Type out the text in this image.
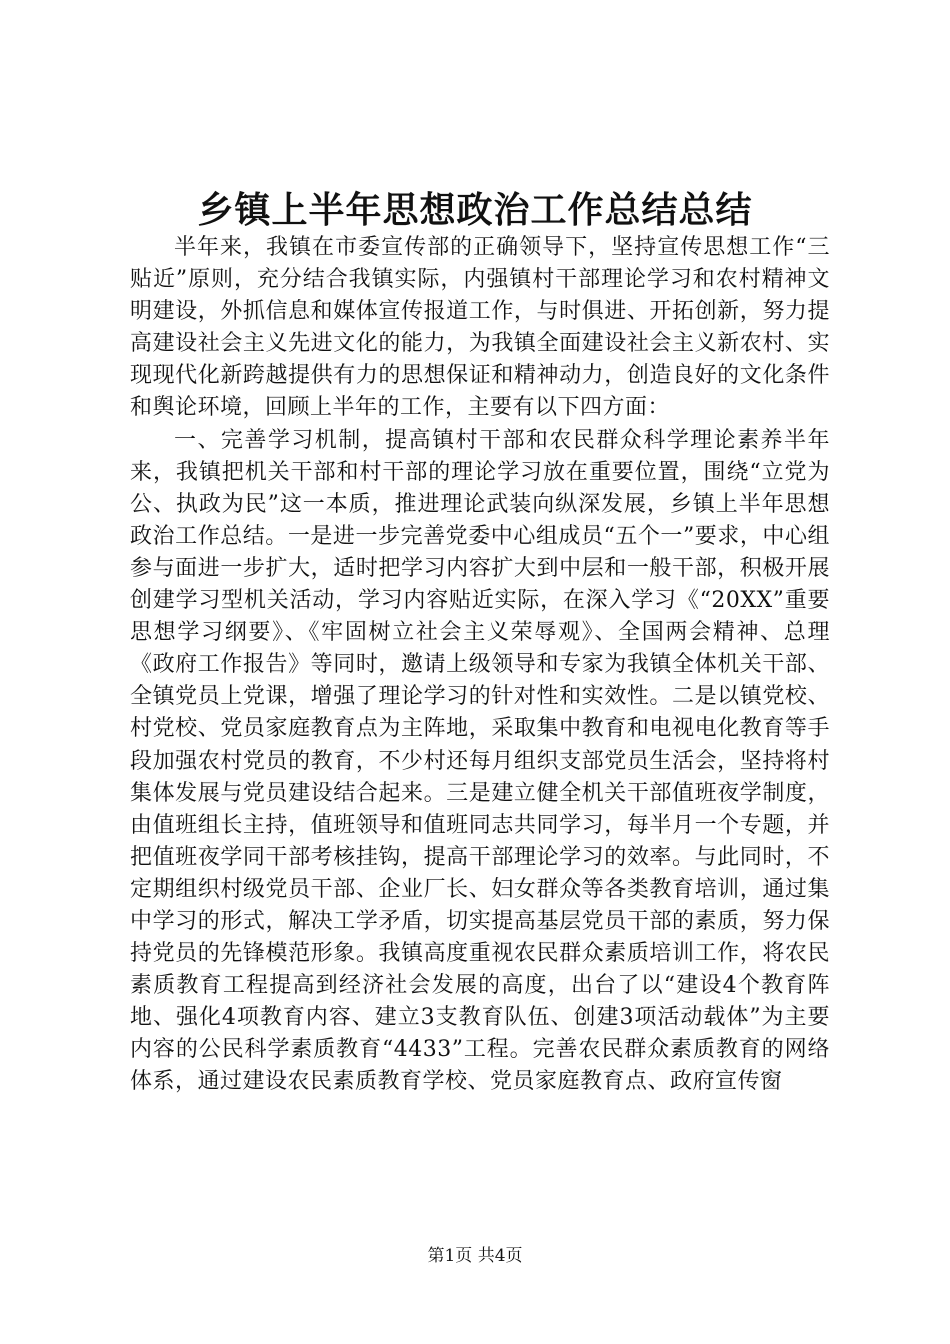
乡镇上半年思想政治工作总结总结

半年来，我镇在市委宣传部的正确领导下，坚持宣传思想工作“三贴近”原则，充分结合我镇实际，内强镇村干部理论学习和农村精神文明建设，外抓信息和媒体宣传报道工作，与时俱进、开拓创新，努力提高建设社会主义先进文化的能力，为我镇全面建设社会主义新农村、实现现代化新跨越提供有力的思想保证和精神动力，创造良好的文化条件和舆论环境，回顾上半年的工作，主要有以下四方面：

一、完善学习机制，提高镇村干部和农民群众科学理论素养半年来，我镇把机关干部和村干部的理论学习放在重要位置，围绕“立党为公、执政为民”这一本质，推进理论武装向纵深发展，乡镇上半年思想政治工作总结。一是进一步完善党委中心组成员“五个一”要求，中心组参与面进一步扩大，适时把学习内容扩大到中层和一般干部，积极开展创建学习型机关活动，学习内容贴近实际，在深入学习《“20XX”重要思想学习纲要》、《牢固树立社会主义荣辱观》、全国两会精神、总理《政府工作报告》等同时，邀请上级领导和专家为我镇全体机关干部、全镇党员上党课，增强了理论学习的针对性和实效性。二是以镇党校、村党校、党员家庭教育点为主阵地，采取集中教育和电视电化教育等手段加强农村党员的教育，不少村还每月组织支部党员生活会，坚持将村集体发展与党员建设结合起来。三是建立健全机关干部值班夜学制度，由值班组长主持，值班领导和值班同志共同学习，每半月一个专题，并把值班夜学同干部考核挂钩，提高干部理论学习的效率。与此同时，不定期组织村级党员干部、企业厂长、妇女群众等各类教育培训，通过集中学习的形式，解决工学矛盾，切实提高基层党员干部的素质，努力保持党员的先锋模范形象。我镇高度重视农民群众素质培训工作，将农民素质教育工程提高到经济社会发展的高度，出台了以“建设4个教育阵地、强化4项教育内容、建立3支教育队伍、创建3项活动载体”为主要内容的公民科学素质教育“4433”工程。完善农民群众素质教育的网络体系，通过建设农民素质教育学校、党员家庭教育点、政府宣传窗

第1页 共4页
